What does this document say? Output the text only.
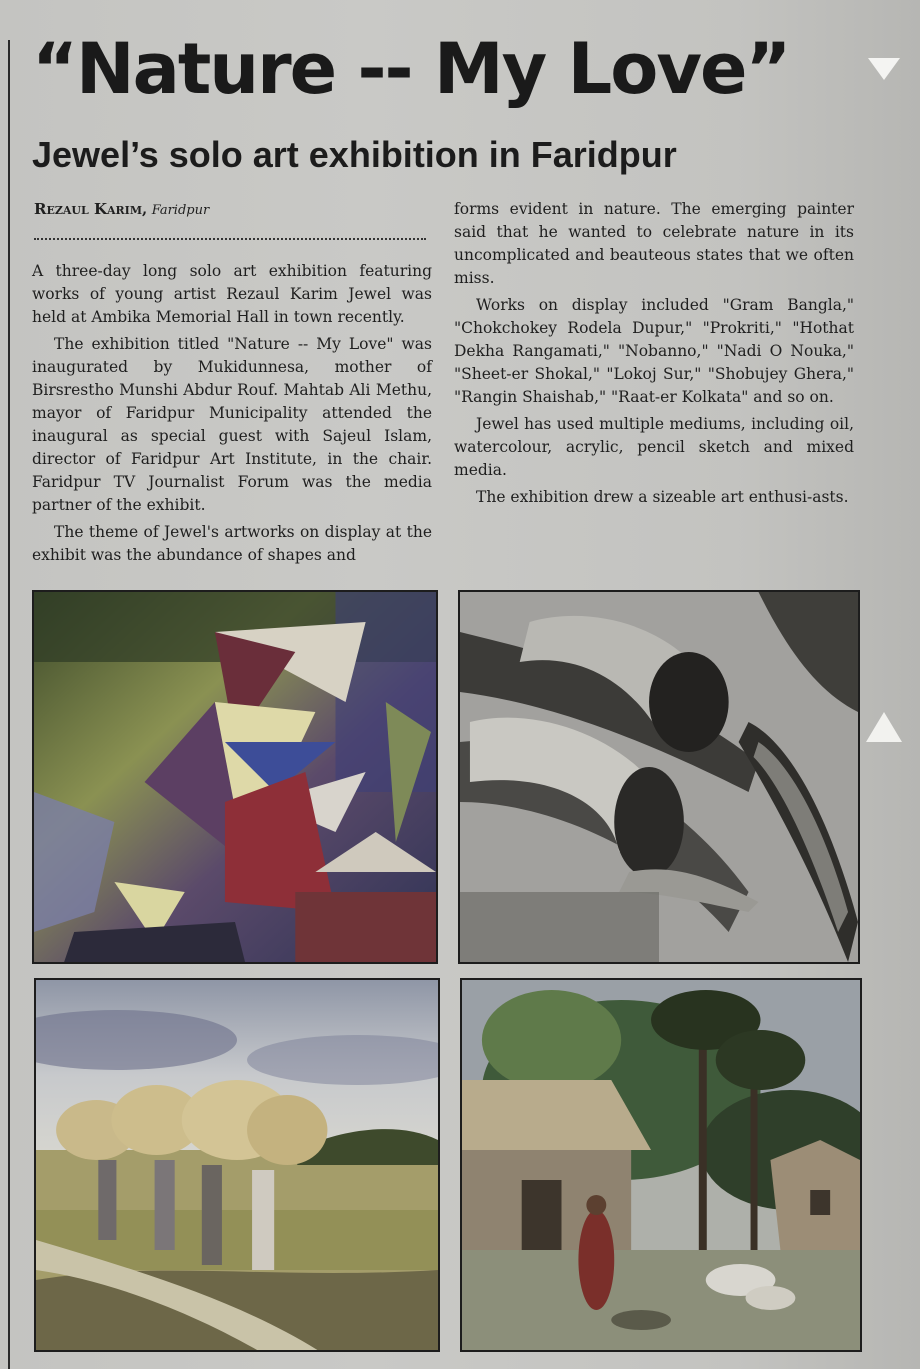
“Nature -- My Love”
Jewel’s solo art exhibition in Faridpur
Rezaul Karim, Faridpur

A three-day long solo art exhibition featuring works of young artist Rezaul Karim Jewel was held at Ambika Memorial Hall in town recently.

The exhibition titled "Nature -- My Love" was inaugurated by Mukidunnesa, mother of Birsrestho Munshi Abdur Rouf. Mahtab Ali Methu, mayor of Faridpur Municipality attended the inaugural as special guest with Sajeul Islam, director of Faridpur Art Institute, in the chair. Faridpur TV Journalist Forum was the media partner of the exhibit.

The theme of Jewel's artworks on display at the exhibit was the abundance of shapes and

forms evident in nature. The emerging painter said that he wanted to celebrate nature in its uncomplicated and beauteous states that we often miss.

Works on display included "Gram Bangla," "Chokchokey Rodela Dupur," "Prokriti," "Hothat Dekha Rangamati," "Nobanno," "Nadi O Nouka," "Sheet-er Shokal," "Lokoj Sur," "Shobujey Ghera," "Rangin Shaishab," "Raat-er Kolkata" and so on.

Jewel has used multiple mediums, including oil, watercolour, acrylic, pencil sketch and mixed media.

The exhibition drew a sizeable art enthusi-asts.
